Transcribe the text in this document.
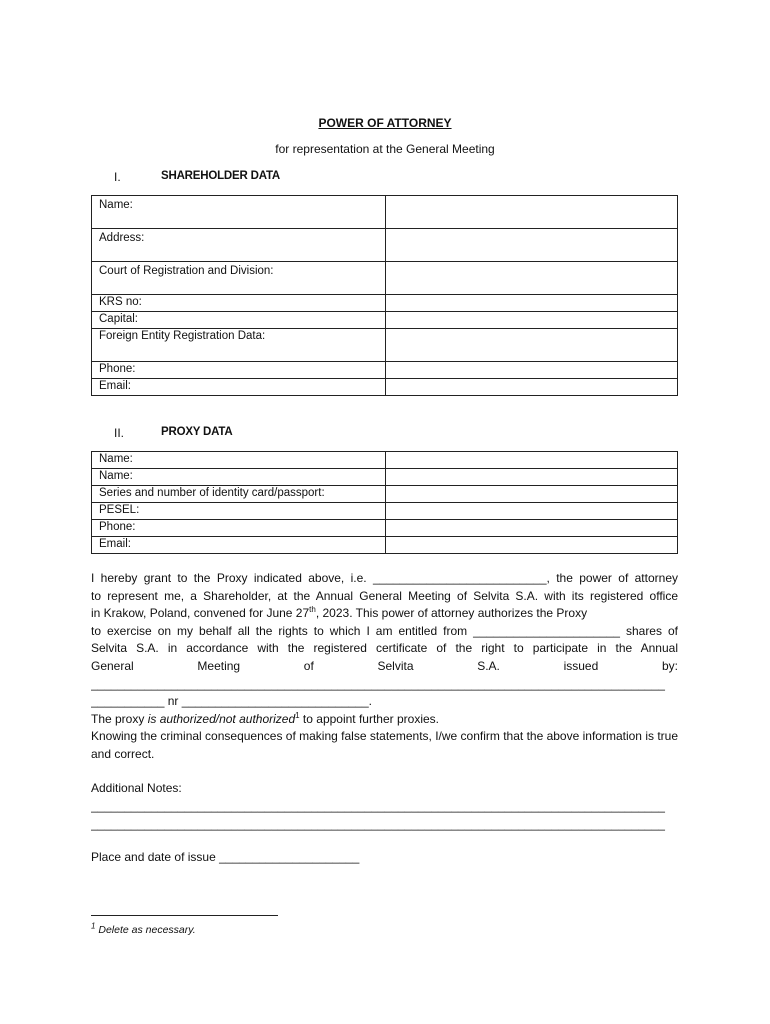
POWER OF ATTORNEY
for representation at the General Meeting
I.	SHAREHOLDER DATA
Name:	
Address:	
Court of Registration and Division:	
KRS no:	
Capital:	
Foreign Entity Registration Data:	
Phone:	
Email:	
II.	PROXY DATA
Name:	
Name:	
Series and number of identity card/passport:	
PESEL:	
Phone:	
Email:	
I hereby grant to the Proxy indicated above, i.e. __________________________, the power of attorney
to represent me, a Shareholder, at the Annual General Meeting of Selvita S.A. with its registered office
in Krakow, Poland, convened for June 27th, 2023. This power of attorney authorizes the Proxy
to exercise on my behalf all the rights to which I am entitled from ______________________ shares of
Selvita S.A. in accordance with the registered certificate of the right to participate in the Annual
General Meeting of Selvita S.A. issued by:
______________________________________________________________________________________
___________ nr ____________________________.
The proxy is authorized/not authorized$^1$ to appoint further proxies.
Knowing the criminal consequences of making false statements, I/we confirm that the above information is true and correct.
Additional Notes:
______________________________________________________________________________________
______________________________________________________________________________________
Place and date of issue _____________________
$^1$ Delete as necessary.
